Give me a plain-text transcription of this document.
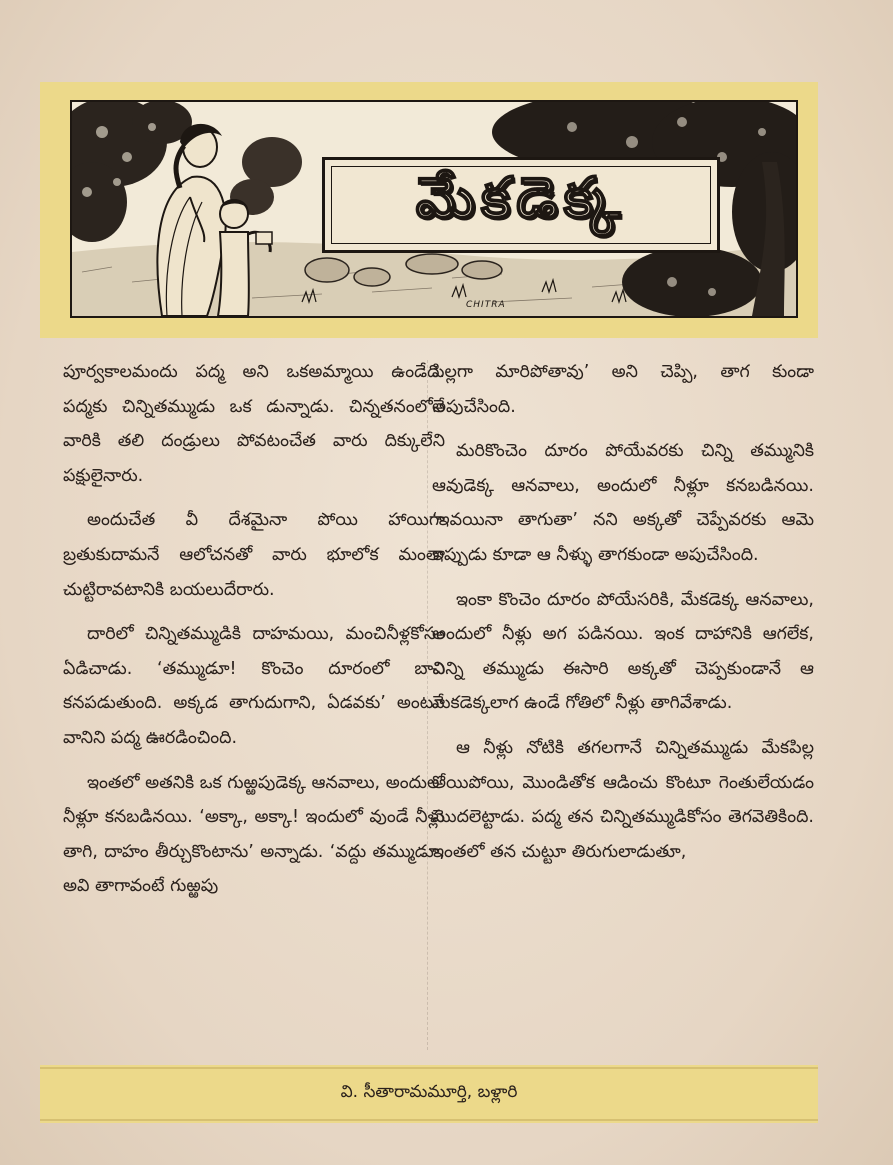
మేకడెక్క
CHITRA

పూర్వకాలమందు పద్మ అని ఒకఅమ్మాయి ఉండేది. పద్మకు చిన్నితమ్ముడు ఒక డున్నాడు. చిన్నతనంలోనే వారికి తలి దండ్రులు పోవటంచేత వారు దిక్కులేని పక్షులైనారు.

అందుచేత వీ దేశమైనా పోయి హాయిగా బ్రతుకుదామనే ఆలోచనతో వారు భూలోక మంతా చుట్టిరావటానికి బయలుదేరారు.

దారిలో చిన్నితమ్ముడికి దాహమయి, మంచినీళ్లకోసం ఏడిచాడు. ‘తమ్ముడూ! కొంచెం దూరంలో బావి కనపడుతుంది. అక్కడ తాగుదుగాని, ఏడవకు’ అంటూ వానిని పద్మ ఊరడించింది.

ఇంతలో అతనికి ఒక గుఱ్ఱపుడెక్క ఆనవాలు, అందులో నీళ్లూ కనబడినయి. ‘అక్కా, అక్కా! ఇందులో వుండే నీళ్లు తాగి, దాహం తీర్చుకొంటాను’ అన్నాడు. ‘వద్దు తమ్ముడూ, అవి తాగావంటే గుఱ్ఱపు

పిల్లగా మారిపోతావు’ అని చెప్పి, తాగ కుండా అపుచేసింది.

మరికొంచెం దూరం పోయేవరకు చిన్ని తమ్మునికి ఆవుడెక్క ఆనవాలు, అందులో నీళ్లూ కనబడినయి. ‘ఇవయినా తాగుతా’ నని అక్కతో చెప్పేవరకు ఆమె ఇప్పుడు కూడా ఆ నీళ్ళు తాగకుండా అపుచేసింది.

ఇంకా కొంచెం దూరం పోయేసరికి, మేకడెక్క ఆనవాలు, అందులో నీళ్లు అగ పడినయి. ఇంక దాహానికి ఆగలేక, చిన్ని తమ్ముడు ఈసారి అక్కతో చెప్పకుండానే ఆ మేకడెక్కలాగ ఉండే గోతిలో నీళ్లు తాగివేశాడు.

ఆ నీళ్లు నోటికి తగలగానే చిన్నితమ్ముడు మేకపిల్ల అయిపోయి, మొండితోక ఆడించు కొంటూ గెంతులేయడం మొదలెట్టాడు. పద్మ తన చిన్నితమ్ముడికోసం తెగవెతికింది. ఇంతలో తన చుట్టూ తిరుగులాడుతూ,

వి. సీతారామమూర్తి, బళ్లారి
